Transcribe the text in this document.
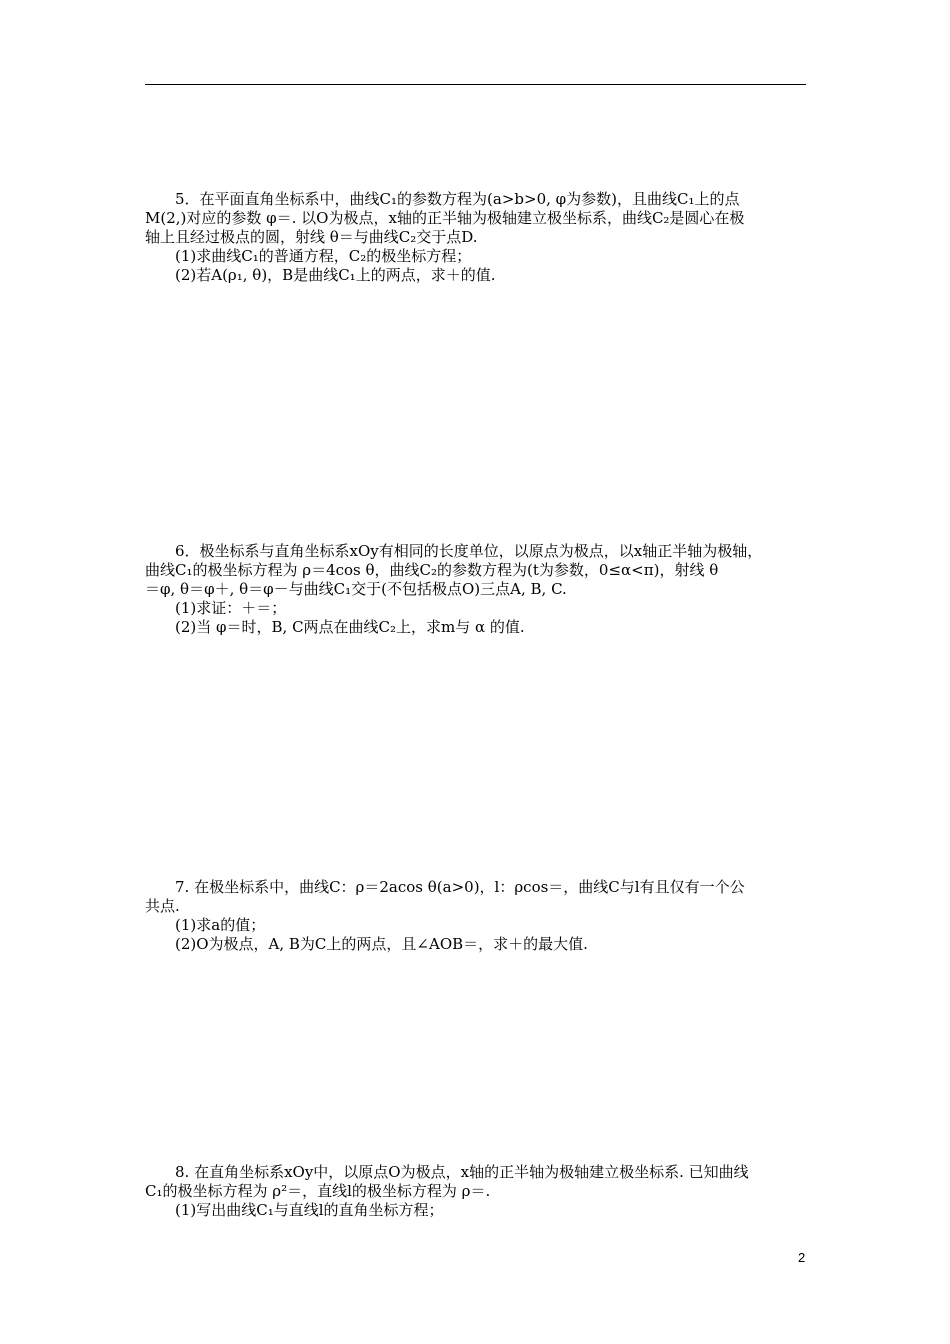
5．在平面直角坐标系中，曲线C₁的参数方程为(a>b>0, φ为参数)，且曲线C₁上的点
M(2,)对应的参数 φ＝. 以O为极点，x轴的正半轴为极轴建立极坐标系，曲线C₂是圆心在极
轴上且经过极点的圆，射线 θ＝与曲线C₂交于点D.
(1)求曲线C₁的普通方程，C₂的极坐标方程；
(2)若A(ρ₁, θ)，B是曲线C₁上的两点，求＋的值.
6．极坐标系与直角坐标系xOy有相同的长度单位，以原点为极点，以x轴正半轴为极轴，
曲线C₁的极坐标方程为 ρ＝4cos θ，曲线C₂的参数方程为(t为参数，0≤α<π)，射线 θ
＝φ, θ＝φ＋, θ＝φ－与曲线C₁交于(不包括极点O)三点A, B, C.
(1)求证：＋＝；
(2)当 φ＝时，B, C两点在曲线C₂上，求m与 α 的值.
7. 在极坐标系中，曲线C：ρ＝2acos θ(a>0)，l：ρcos＝，曲线C与l有且仅有一个公
共点.
(1)求a的值；
(2)O为极点，A, B为C上的两点，且∠AOB＝，求＋的最大值.
8. 在直角坐标系xOy中，以原点O为极点，x轴的正半轴为极轴建立极坐标系. 已知曲线
C₁的极坐标方程为 ρ²＝，直线l的极坐标方程为 ρ＝.
(1)写出曲线C₁与直线l的直角坐标方程；
2
